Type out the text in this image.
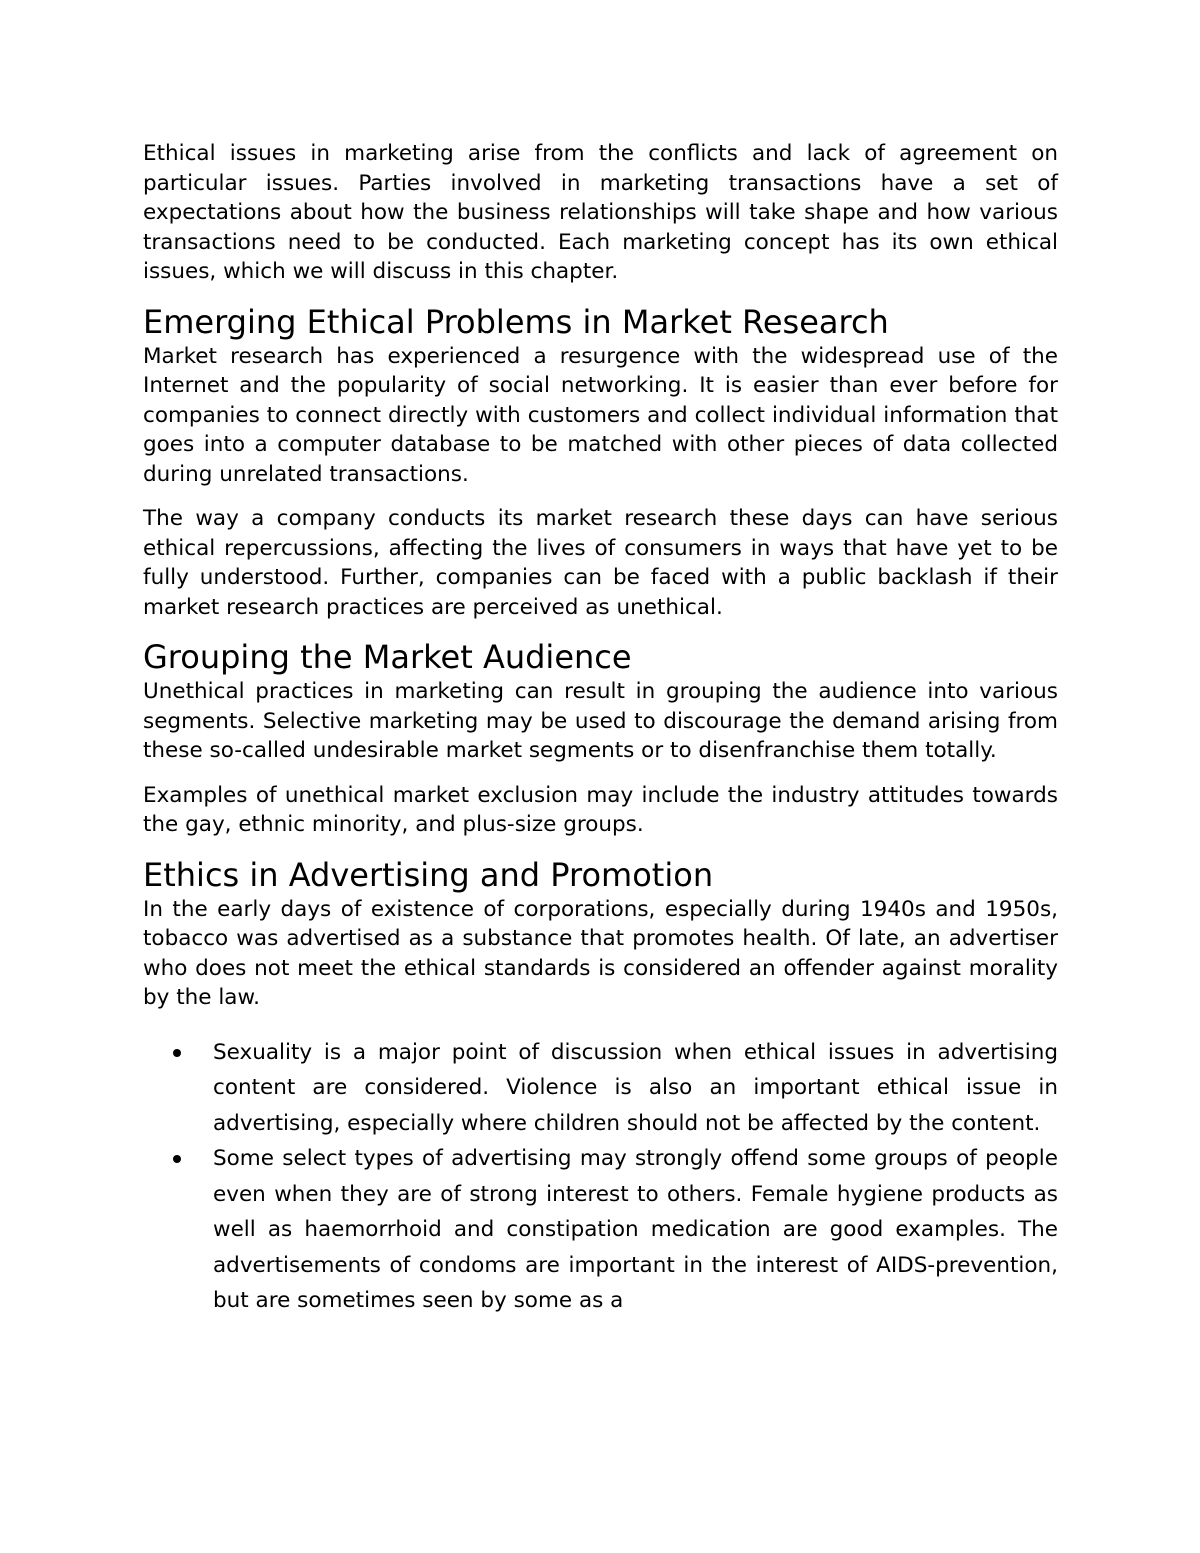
Ethical issues in marketing arise from the conflicts and lack of agreement on particular issues. Parties involved in marketing transactions have a set of expectations about how the business relationships will take shape and how various transactions need to be conducted. Each marketing concept has its own ethical issues, which we will discuss in this chapter.

Emerging Ethical Problems in Market Research

Market research has experienced a resurgence with the widespread use of the Internet and the popularity of social networking. It is easier than ever before for companies to connect directly with customers and collect individual information that goes into a computer database to be matched with other pieces of data collected during unrelated transactions.

The way a company conducts its market research these days can have serious ethical repercussions, affecting the lives of consumers in ways that have yet to be fully understood. Further, companies can be faced with a public backlash if their market research practices are perceived as unethical.

Grouping the Market Audience

Unethical practices in marketing can result in grouping the audience into various segments. Selective marketing may be used to discourage the demand arising from these so-called undesirable market segments or to disenfranchise them totally.

Examples of unethical market exclusion may include the industry attitudes towards the gay, ethnic minority, and plus-size groups.

Ethics in Advertising and Promotion

In the early days of existence of corporations, especially during 1940s and 1950s, tobacco was advertised as a substance that promotes health. Of late, an advertiser who does not meet the ethical standards is considered an offender against morality by the law.

Sexuality is a major point of discussion when ethical issues in advertising content are considered. Violence is also an important ethical issue in advertising, especially where children should not be affected by the content.
Some select types of advertising may strongly offend some groups of people even when they are of strong interest to others. Female hygiene products as well as haemorrhoid and constipation medication are good examples. The advertisements of condoms are important in the interest of AIDS-prevention, but are sometimes seen by some as a
